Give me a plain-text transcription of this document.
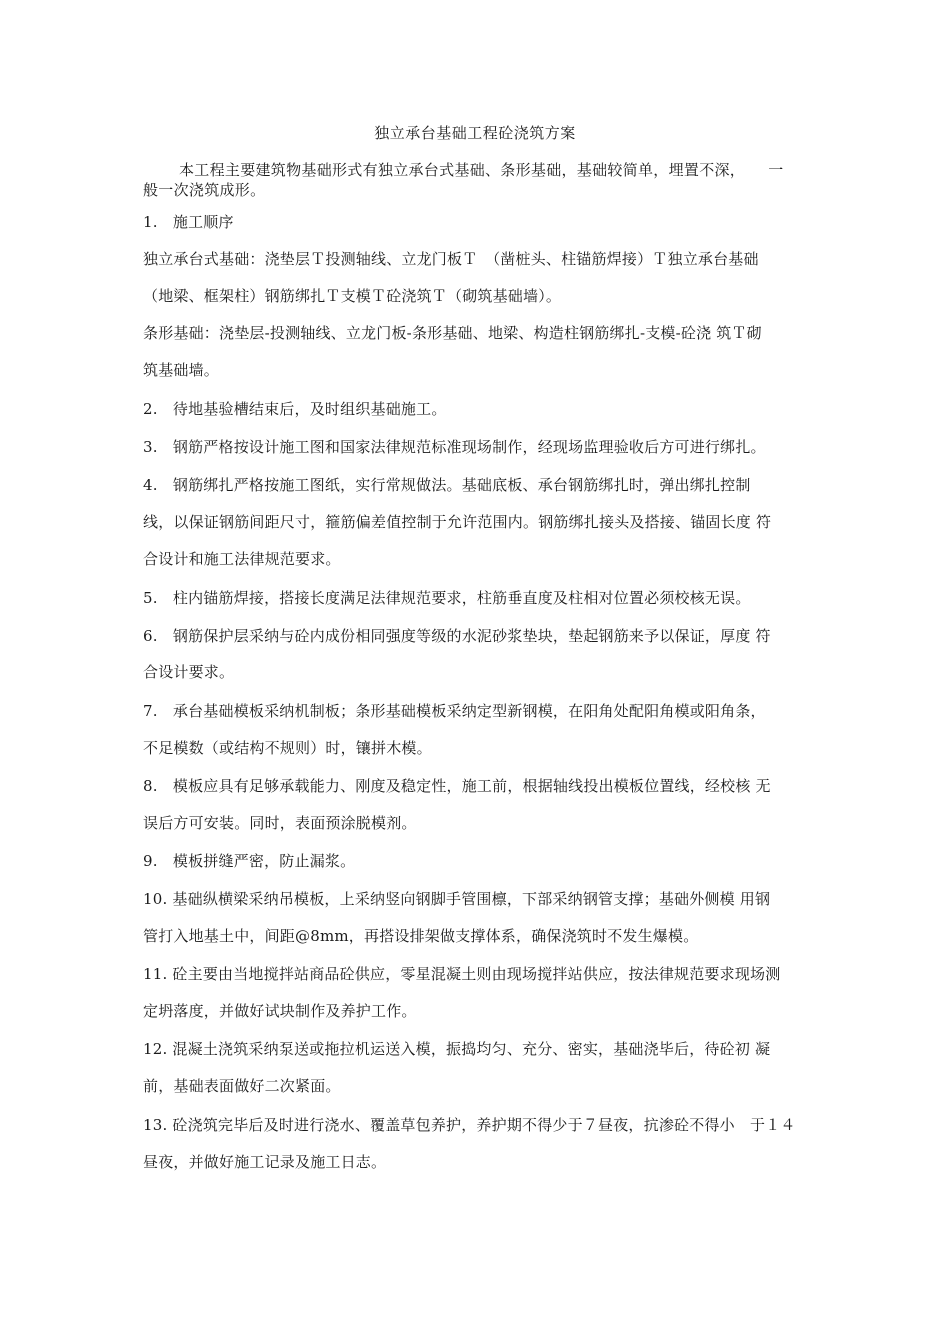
独立承台基础工程砼浇筑方案
本工程主要建筑物基础形式有独立承台式基础、条形基础，基础较简单，埋置不深，　　一
般一次浇筑成形。
1.　施工顺序
独立承台式基础：浇垫层Ｔ投测轴线、立龙门板Ｔ　（凿桩头、柱锚筋焊接）Ｔ独立承台基础
（地梁、框架柱）钢筋绑扎Ｔ支模Ｔ砼浇筑Ｔ（砌筑基础墙）。
条形基础：浇垫层-投测轴线、立龙门板-条形基础、地梁、构造柱钢筋绑扎-支模-砼浇 筑Ｔ砌
筑基础墙。
2.　待地基验槽结束后，及时组织基础施工。
3.　钢筋严格按设计施工图和国家法律规范标准现场制作，经现场监理验收后方可进行绑扎。
4.　钢筋绑扎严格按施工图纸，实行常规做法。基础底板、承台钢筋绑扎时，弹出绑扎控制
线，以保证钢筋间距尺寸，箍筋偏差值控制于允许范围内。钢筋绑扎接头及搭接、锚固长度 符
合设计和施工法律规范要求。
5.　柱内锚筋焊接，搭接长度满足法律规范要求，柱筋垂直度及柱相对位置必须校核无误。
6.　钢筋保护层采纳与砼内成份相同强度等级的水泥砂浆垫块，垫起钢筋来予以保证，厚度 符
合设计要求。
7.　承台基础模板采纳机制板；条形基础模板采纳定型新钢模，在阳角处配阳角模或阳角条，
不足模数（或结构不规则）时，镶拼木模。
8.　模板应具有足够承载能力、刚度及稳定性，施工前，根据轴线投出模板位置线，经校核 无
误后方可安装。同时，表面预涂脱模剂。
9.　模板拼缝严密，防止漏浆。
10. 基础纵横梁采纳吊模板，上采纳竖向钢脚手管围檩，下部采纳钢管支撑；基础外侧模 用钢
管打入地基土中，间距@8mm，再搭设排架做支撑体系，确保浇筑时不发生爆模。
11. 砼主要由当地搅拌站商品砼供应，零星混凝土则由现场搅拌站供应，按法律规范要求现场测
定坍落度，并做好试块制作及养护工作。
12. 混凝土浇筑采纳泵送或拖拉机运送入模，振捣均匀、充分、密实，基础浇毕后，待砼初 凝
前，基础表面做好二次紧面。
13. 砼浇筑完毕后及时进行浇水、覆盖草包养护，养护期不得少于７昼夜，抗渗砼不得小　于１４
昼夜，并做好施工记录及施工日志。
